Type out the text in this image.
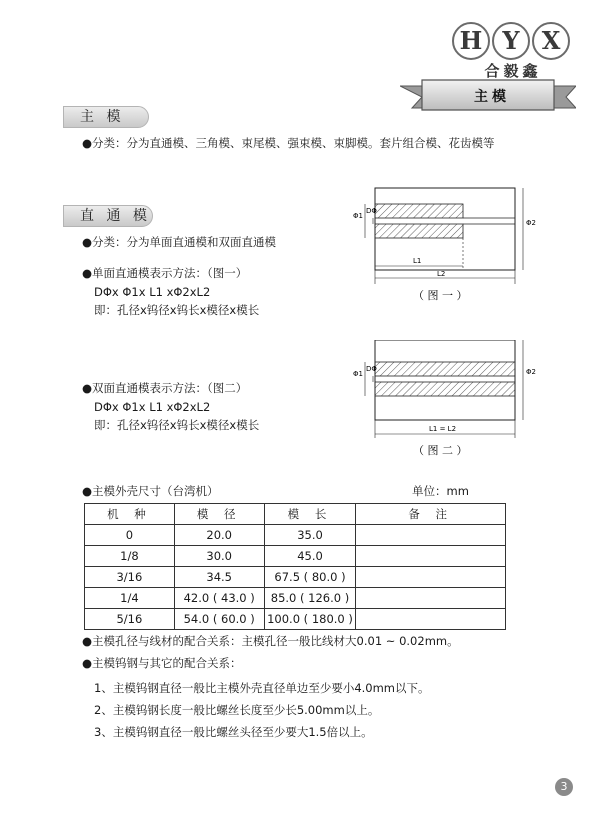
H Y X
合毅鑫
主模
主 模
●分类：分为直通模、三角模、束尾模、强束模、束脚模。套片组合模、花齿模等
直 通 模
●分类：分为单面直通模和双面直通模
●单面直通模表示方法：（图一）
DΦx Φ1x L1 xΦ2xL2
即：孔径x钨径x钨长x模径x模长
●双面直通模表示方法：（图二）
DΦx Φ1x L1 xΦ2xL2
即：孔径x钨径x钨长x模径x模长
Φ1
DΦ
Φ2
L1
L2
（ 图 一 ）
Φ1
DΦ	Φ2
L1 = L2
（ 图 二 ）
●主模外壳尺寸（台湾机）	单位：mm
机 种	模 径	模 长	备 注
0	20.0	35.0	
1/8	30.0	45.0	
3/16	34.5	67.5 ( 80.0 )	
1/4	42.0 ( 43.0 )	85.0 ( 126.0 )	
5/16	54.0 ( 60.0 )	100.0 ( 180.0 )	
●主模孔径与线材的配合关系：主模孔径一般比线材大0.01 ~ 0.02mm。
●主模钨钢与其它的配合关系：
1、主模钨钢直径一般比主模外壳直径单边至少要小4.0mm以下。
2、主模钨钢长度一般比螺丝长度至少长5.00mm以上。
3、主模钨钢直径一般比螺丝头径至少要大1.5倍以上。
3
